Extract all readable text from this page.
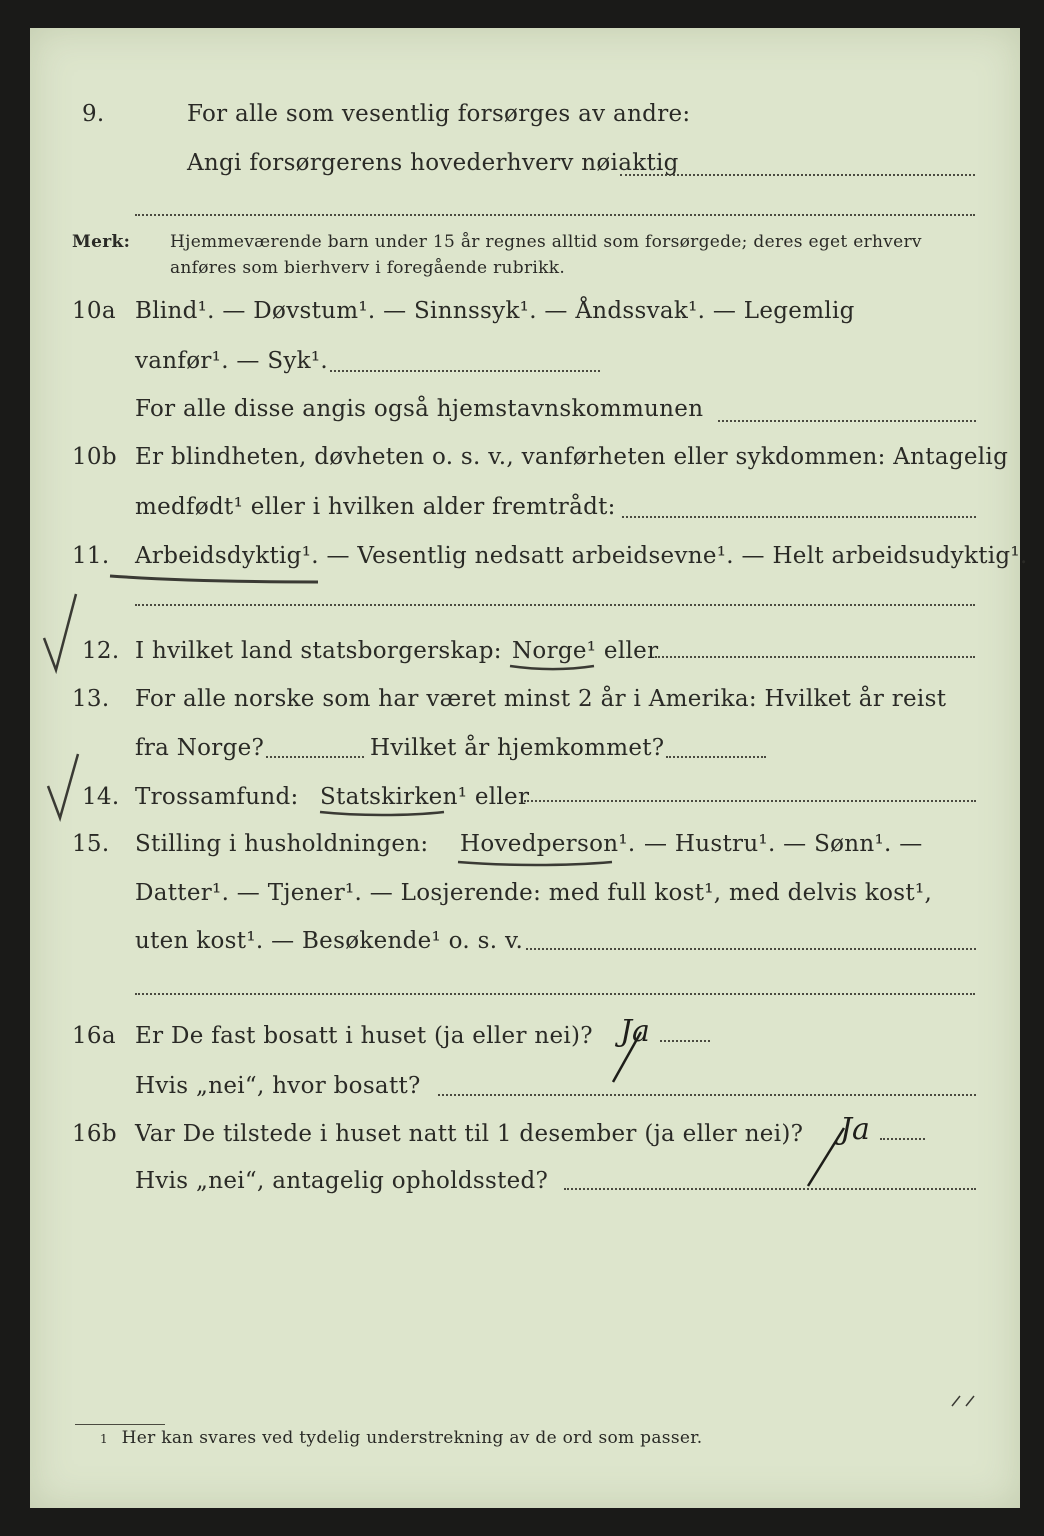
9.	For alle som vesentlig forsørges av andre:
Angi forsørgerens hovederhverv nøiaktig
Merk: Hjemmeværende barn under 15 år regnes alltid som forsørgede; deres eget erhverv
anføres som bierhverv i foregående rubrikk.
10a Blind¹. — Døvstum¹. — Sinnssyk¹. — Åndssvak¹. — Legemlig
vanfør¹. — Syk¹.
For alle disse angis også hjemstavnskommunen
10b Er blindheten, døvheten o. s. v., vanførheten eller sykdommen: Antagelig
medfødt¹ eller i hvilken alder fremtrådt:
11.	Arbeidsdyktig¹. — Vesentlig nedsatt arbeidsevne¹. — Helt arbeidsudyktig¹.
12. I hvilket land statsborgerskap: Norge¹ eller
13.	For alle norske som har været minst 2 år i Amerika: Hvilket år reist
fra Norge?	Hvilket år hjemkommet?
14. Trossamfund: Statskirken¹ eller
15.	Stilling i husholdningen: Hovedperson¹. — Hustru¹. — Sønn¹. —
Datter¹. — Tjener¹. — Losjerende: med full kost¹, med delvis kost¹,
uten kost¹. — Besøkende¹ o. s. v.
16a Er De fast bosatt i huset (ja eller nei)? Ja
Hvis „nei“, hvor bosatt?
16b Var De tilstede i huset natt til 1 desember (ja eller nei)? Ja
Hvis „nei“, antagelig opholdssted?
1 Her kan svares ved tydelig understrekning av de ord som passer.
